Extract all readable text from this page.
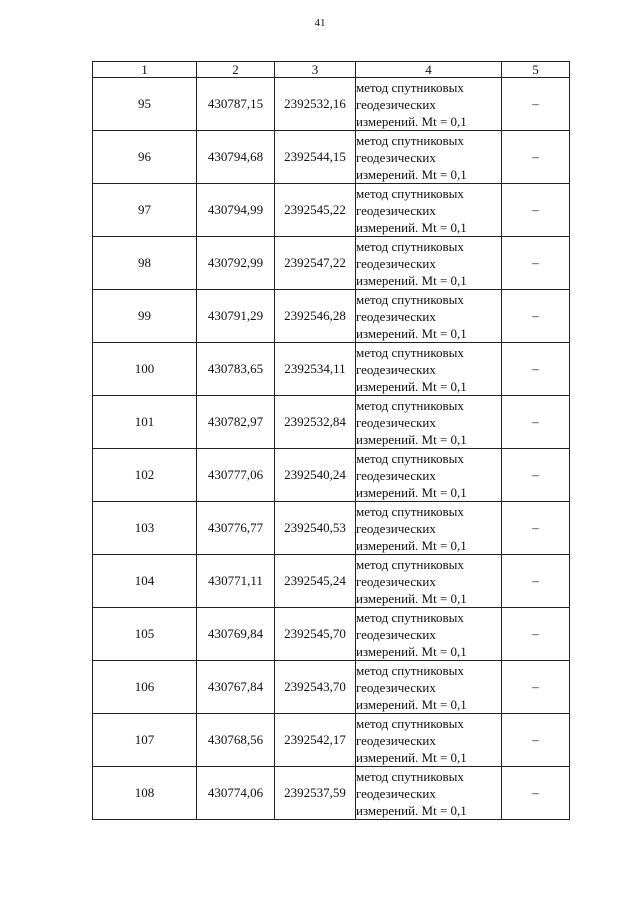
41
1	2	3	4	5
95	430787,15	2392532,16	метод спутниковых
геодезических
измерений. Mt = 0,1	–
96	430794,68	2392544,15	метод спутниковых
геодезических
измерений. Mt = 0,1	–
97	430794,99	2392545,22	метод спутниковых
геодезических
измерений. Mt = 0,1	–
98	430792,99	2392547,22	метод спутниковых
геодезических
измерений. Mt = 0,1	–
99	430791,29	2392546,28	метод спутниковых
геодезических
измерений. Mt = 0,1	–
100	430783,65	2392534,11	метод спутниковых
геодезических
измерений. Mt = 0,1	–
101	430782,97	2392532,84	метод спутниковых
геодезических
измерений. Mt = 0,1	–
102	430777,06	2392540,24	метод спутниковых
геодезических
измерений. Mt = 0,1	–
103	430776,77	2392540,53	метод спутниковых
геодезических
измерений. Mt = 0,1	–
104	430771,11	2392545,24	метод спутниковых
геодезических
измерений. Mt = 0,1	–
105	430769,84	2392545,70	метод спутниковых
геодезических
измерений. Mt = 0,1	–
106	430767,84	2392543,70	метод спутниковых
геодезических
измерений. Mt = 0,1	–
107	430768,56	2392542,17	метод спутниковых
геодезических
измерений. Mt = 0,1	–
108	430774,06	2392537,59	метод спутниковых
геодезических
измерений. Mt = 0,1	–
